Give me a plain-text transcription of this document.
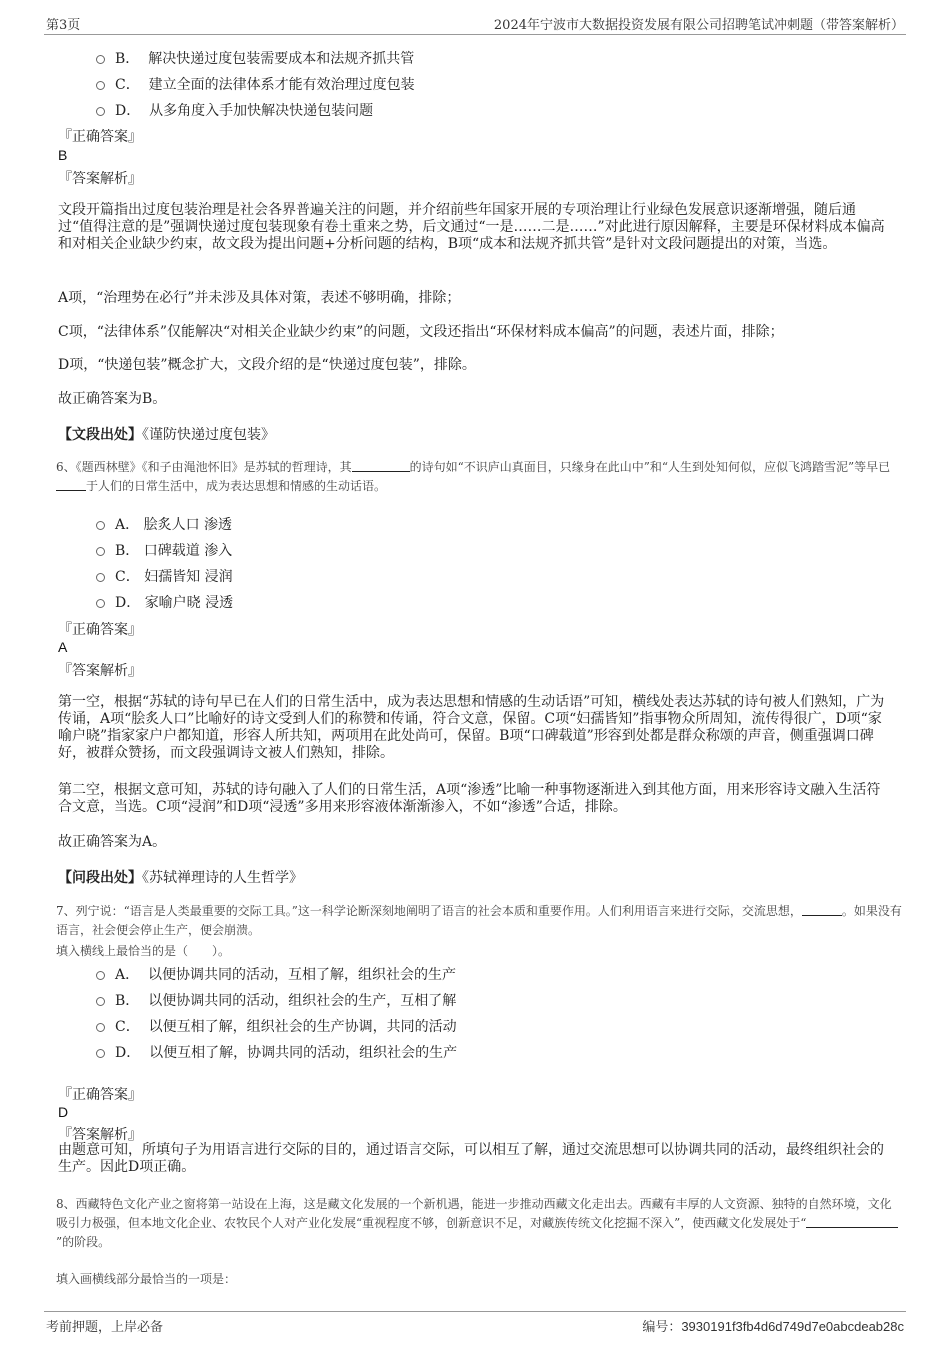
第3页	2024年宁波市大数据投资发展有限公司招聘笔试冲刺题（带答案解析）
B． 解决快递过度包装需要成本和法规齐抓共管
C． 建立全面的法律体系才能有效治理过度包装
D． 从多角度入手加快解决快递包装问题
『正确答案』
B
『答案解析』

文段开篇指出过度包装治理是社会各界普遍关注的问题，并介绍前些年国家开展的专项治理让行业绿色发展意识逐渐增强，随后通过“值得注意的是”强调快递过度包装现象有卷土重来之势，后文通过“一是……二是……”对此进行原因解释，主要是环保材料成本偏高和对相关企业缺少约束，故文段为提出问题+分析问题的结构，B项“成本和法规齐抓共管”是针对文段问题提出的对策，当选。

A项，“治理势在必行”并未涉及具体对策，表述不够明确，排除；

C项，“法律体系”仅能解决“对相关企业缺少约束”的问题，文段还指出“环保材料成本偏高”的问题，表述片面，排除；

D项，“快递包装”概念扩大，文段介绍的是“快递过度包装”，排除。

故正确答案为B。

【文段出处】《谨防快递过度包装》

6、《题西林壁》《和子由渑池怀旧》是苏轼的哲理诗，其	的诗句如“不识庐山真面目，只缘身在此山中”和“人生到处知何似，应似飞鸿踏雪泥”等早已于人们的日常生活中，成为表达思想和情感的生动话语。

A． 脍炙人口 渗透
B． 口碑载道 渗入
C． 妇孺皆知 浸润
D． 家喻户晓 浸透
『正确答案』
A
『答案解析』

第一空，根据“苏轼的诗句早已在人们的日常生活中，成为表达思想和情感的生动话语”可知，横线处表达苏轼的诗句被人们熟知，广为传诵，A项“脍炙人口”比喻好的诗文受到人们的称赞和传诵，符合文意，保留。C项“妇孺皆知”指事物众所周知，流传得很广，D项“家喻户晓”指家家户户都知道，形容人所共知，两项用在此处尚可，保留。B项“口碑载道”形容到处都是群众称颂的声音，侧重强调口碑好，被群众赞扬，而文段强调诗文被人们熟知，排除。

第二空，根据文意可知，苏轼的诗句融入了人们的日常生活，A项“渗透”比喻一种事物逐渐进入到其他方面，用来形容诗文融入生活符合文意，当选。C项“浸润”和D项“浸透”多用来形容液体渐渐渗入，不如“渗透”合适，排除。

故正确答案为A。

【问段出处】《苏轼禅理诗的人生哲学》

7、列宁说：“语言是人类最重要的交际工具。”这一科学论断深刻地阐明了语言的社会本质和重要作用。人们利用语言来进行交际，交流思想，	。如果没有语言，社会便会停止生产，便会崩溃。

填入横线上最恰当的是（　　）。
A． 以便协调共同的活动，互相了解，组织社会的生产
B． 以便协调共同的活动，组织社会的生产，互相了解
C． 以便互相了解，组织社会的生产协调，共同的活动
D． 以便互相了解，协调共同的活动，组织社会的生产
『正确答案』
D
『答案解析』

由题意可知，所填句子为用语言进行交际的目的，通过语言交际，可以相互了解，通过交流思想可以协调共同的活动，最终组织社会的生产。因此D项正确。

8、西藏特色文化产业之窗将第一站设在上海，这是藏文化发展的一个新机遇，能进一步推动西藏文化走出去。西藏有丰厚的人文资源、独特的自然环境，文化吸引力极强，但本地文化企业、农牧民个人对产业化发展“重视程度不够，创新意识不足，对藏族传统文化挖掘不深入”，使西藏文化发展处于“”的阶段。

填入画横线部分最恰当的一项是：
考前押题，上岸必备	编号：3930191f3fb4d6d749d7e0abcdeab28c
